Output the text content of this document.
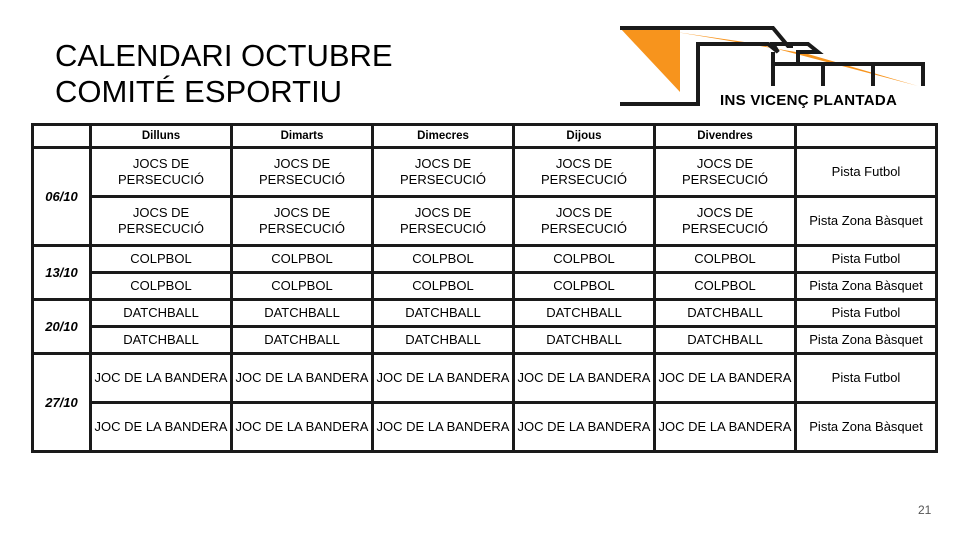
CALENDARI OCTUBRE
COMITÉ ESPORTIU	INS VICENÇ PLANTADA
	Dilluns	Dimarts	Dimecres	Dijous	Divendres	
06/10	JOCS DE PERSECUCIÓ	JOCS DE PERSECUCIÓ	JOCS DE PERSECUCIÓ	JOCS DE PERSECUCIÓ	JOCS DE PERSECUCIÓ	Pista Futbol
	JOCS DE PERSECUCIÓ	JOCS DE PERSECUCIÓ	JOCS DE PERSECUCIÓ	JOCS DE PERSECUCIÓ	JOCS DE PERSECUCIÓ	Pista Zona Bàsquet
13/10	COLPBOL	COLPBOL	COLPBOL	COLPBOL	COLPBOL	Pista Futbol
	COLPBOL	COLPBOL	COLPBOL	COLPBOL	COLPBOL	Pista Zona Bàsquet
20/10	DATCHBALL	DATCHBALL	DATCHBALL	DATCHBALL	DATCHBALL	Pista Futbol
	DATCHBALL	DATCHBALL	DATCHBALL	DATCHBALL	DATCHBALL	Pista Zona Bàsquet
27/10	JOC DE LA BANDERA	JOC DE LA BANDERA	JOC DE LA BANDERA	JOC DE LA BANDERA	JOC DE LA BANDERA	Pista Futbol
	JOC DE LA BANDERA	JOC DE LA BANDERA	JOC DE LA BANDERA	JOC DE LA BANDERA	JOC DE LA BANDERA	Pista Zona Bàsquet
21
